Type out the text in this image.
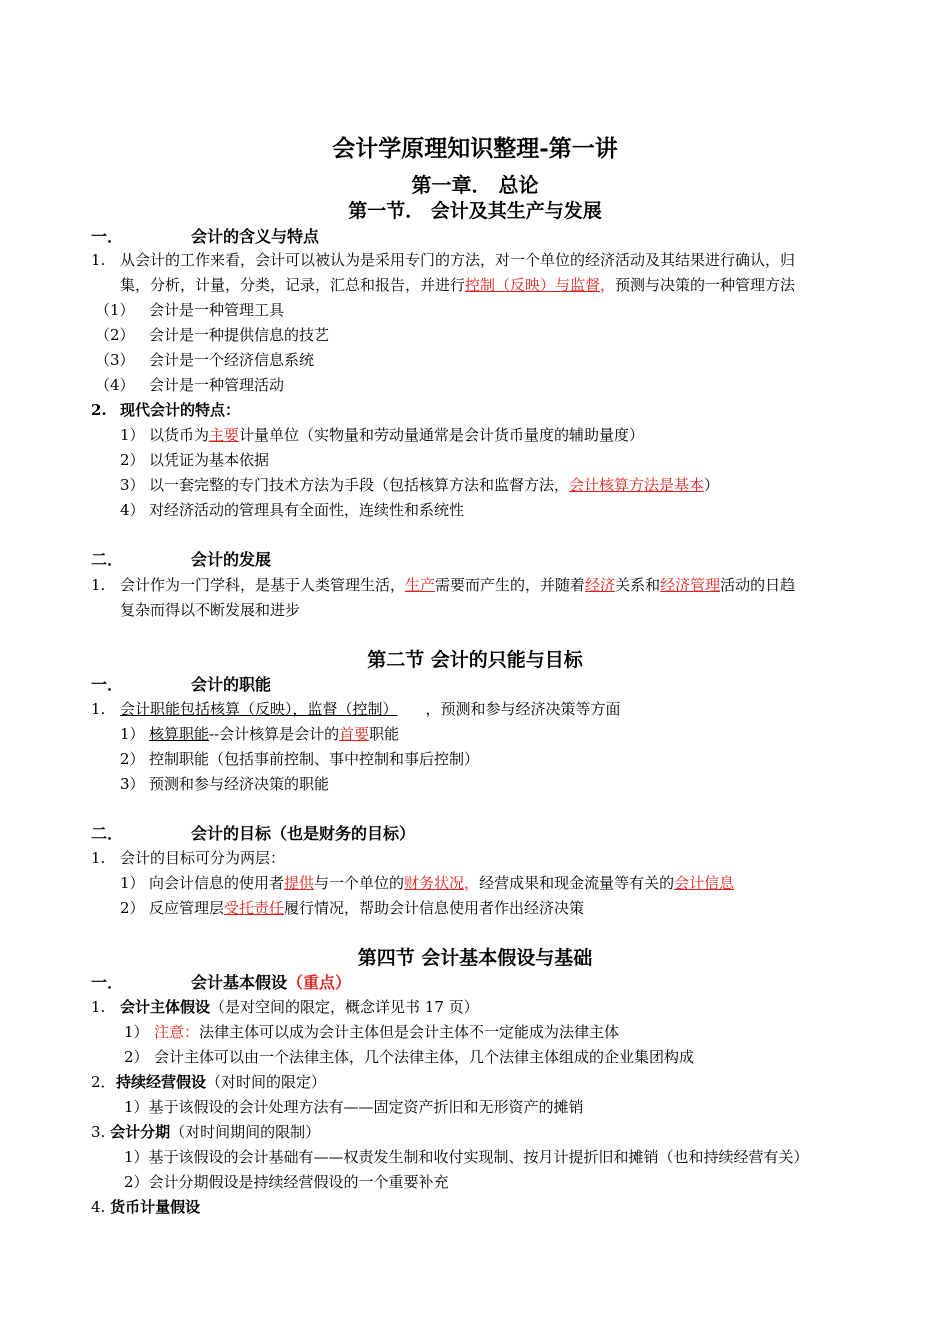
会计学原理知识整理-第一讲
第一章． 总论
第一节． 会计及其生产与发展
一．	会计的含义与特点
1. 从会计的工作来看，会计可以被认为是采用专门的方法，对一个单位的经济活动及其结果进行确认，归
集，分析，计量，分类，记录，汇总和报告，并进行控制（反映）与监督，预测与决策的一种管理方法
（1） 会计是一种管理工具
（2） 会计是一种提供信息的技艺
（3） 会计是一个经济信息系统
（4） 会计是一种管理活动
2. 现代会计的特点：
1） 以货币为主要计量单位（实物量和劳动量通常是会计货币量度的辅助量度）
2） 以凭证为基本依据
3） 以一套完整的专门技术方法为手段（包括核算方法和监督方法，会计核算方法是基本）
4） 对经济活动的管理具有全面性，连续性和系统性
二．	会计的发展
1. 会计作为一门学科，是基于人类管理生活，生产需要而产生的，并随着经济关系和经济管理活动的日趋
复杂而得以不断发展和进步
第二节 会计的只能与目标
一．	会计的职能
1. 会计职能包括核算（反映），监督（控制） ，预测和参与经济决策等方面
1） 核算职能--会计核算是会计的首要职能
2） 控制职能（包括事前控制、事中控制和事后控制）
3） 预测和参与经济决策的职能
二．	会计的目标（也是财务的目标）
1. 会计的目标可分为两层：
1） 向会计信息的使用者提供与一个单位的财务状况，经营成果和现金流量等有关的会计信息
2） 反应管理层受托责任履行情况，帮助会计信息使用者作出经济决策
第四节 会计基本假设与基础
一．	会计基本假设（重点）
1. 会计主体假设（是对空间的限定，概念详见书 17 页）
1） 注意：法律主体可以成为会计主体但是会计主体不一定能成为法律主体
2） 会计主体可以由一个法律主体，几个法律主体，几个法律主体组成的企业集团构成
2． 持续经营假设（对时间的限定）
1）基于该假设的会计处理方法有——固定资产折旧和无形资产的摊销
3. 会计分期（对时间期间的限制）
1）基于该假设的会计基础有——权责发生制和收付实现制、按月计提折旧和摊销（也和持续经营有关）
2）会计分期假设是持续经营假设的一个重要补充
4. 货币计量假设
